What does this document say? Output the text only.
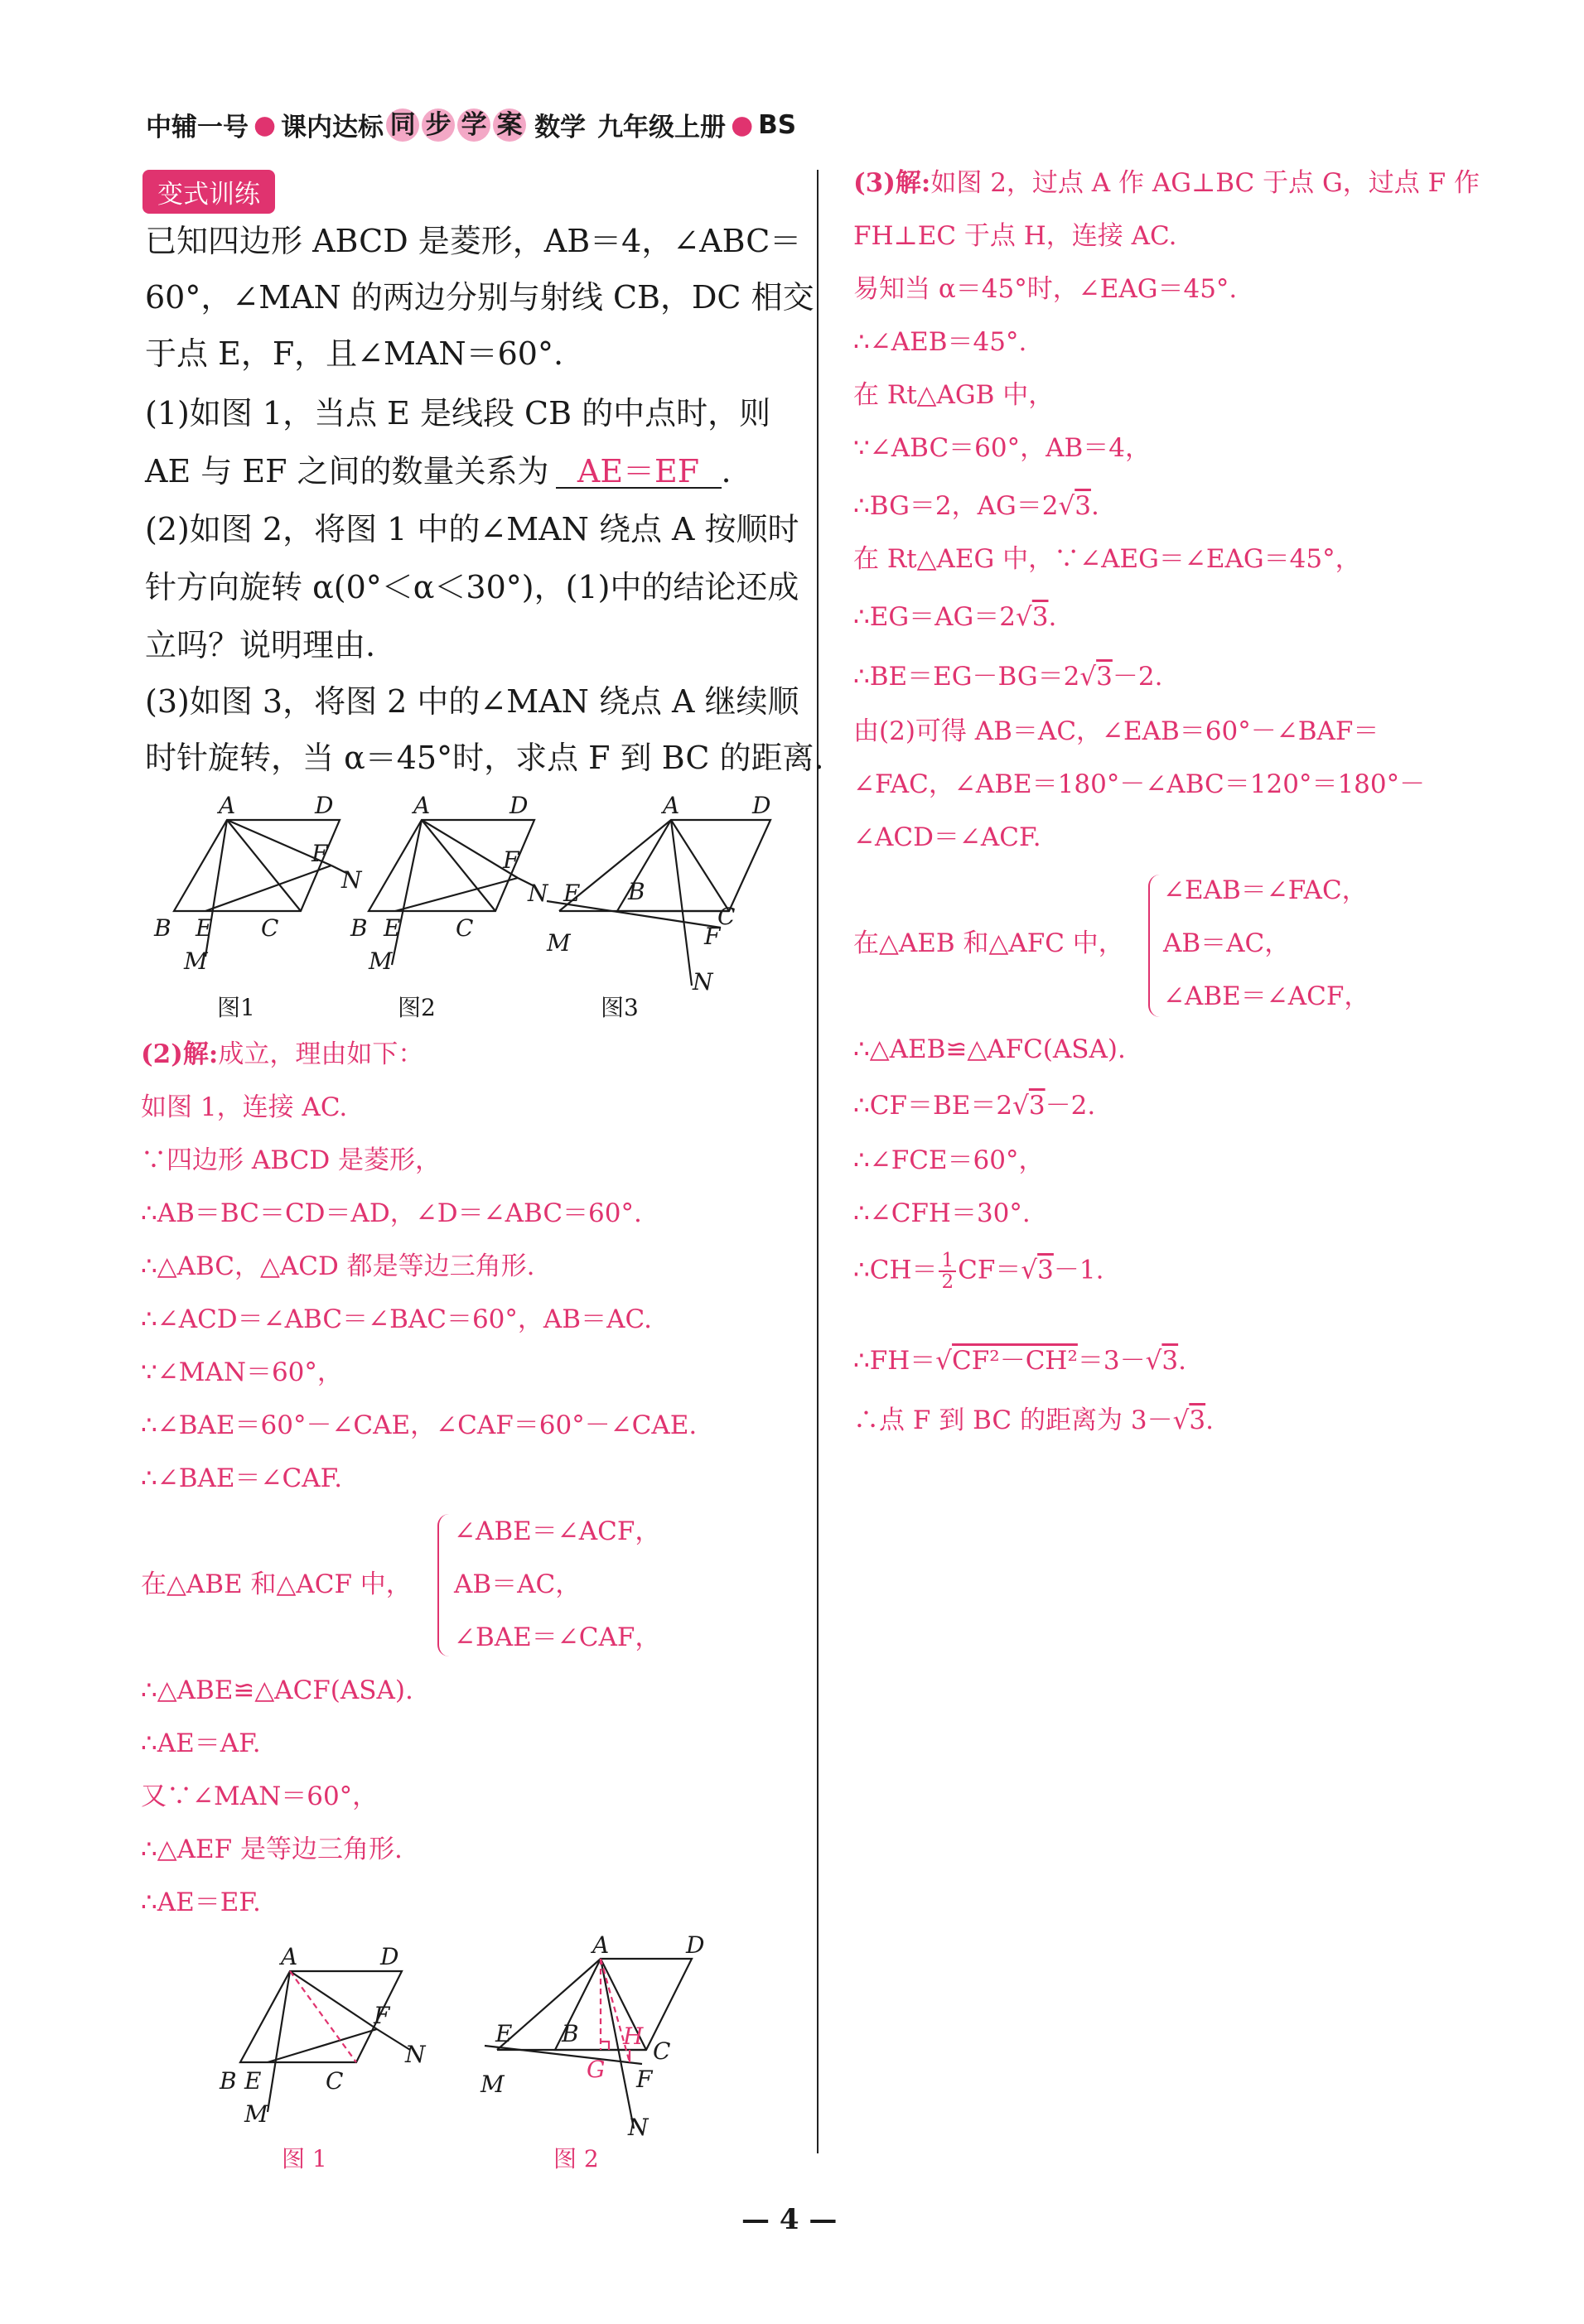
中辅一号 ● 课内达标 同 步 学 案 数学 九年级上册 ● BS
变式训练
已知四边形 ABCD 是菱形，AB＝4，∠ABC＝
60°，∠MAN 的两边分别与射线 CB，DC 相交
于点 E，F，且∠MAN＝60°.
(1)如图 1，当点 E 是线段 CB 的中点时，则
AE 与 EF 之间的数量关系为 AE＝EF .
(2)如图 2，将图 1 中的∠MAN 绕点 A 按顺时
针方向旋转 α(0°＜α＜30°)，(1)中的结论还成
立吗？说明理由.
(3)如图 3，将图 2 中的∠MAN 绕点 A 继续顺
时针旋转，当 α＝45°时，求点 F 到 BC 的距离.
A	D
F
N
B E C
M
图1
A	D
F
N
B E C
M
图2
A	D
E B
C
F
M
N
图3
(2)解:成立，理由如下：
如图 1，连接 AC.
∵四边形 ABCD 是菱形，
∴AB＝BC＝CD＝AD，∠D＝∠ABC＝60°.
∴△ABC，△ACD 都是等边三角形.
∴∠ACD＝∠ABC＝∠BAC＝60°，AB＝AC.
∵∠MAN＝60°，
∴∠BAE＝60°－∠CAE，∠CAF＝60°－∠CAE.
∴∠BAE＝∠CAF.
在△ABE 和△ACF 中，
∠ABE＝∠ACF，
AB＝AC，
∠BAE＝∠CAF，
∴△ABE≌△ACF(ASA).
∴AE＝AF.
又∵∠MAN＝60°，
∴△AEF 是等边三角形.
∴AE＝EF.
A	D
F
N
B E	C
M
图 1
A	D
E B H
C
G F
M
N
图 2
(3)解:如图 2，过点 A 作 AG⊥BC 于点 G，过点 F 作
FH⊥EC 于点 H，连接 AC.
易知当 α＝45°时，∠EAG＝45°.
∴∠AEB＝45°.
在 Rt△AGB 中，
∵∠ABC＝60°，AB＝4，
∴BG＝2，AG＝2√3.
在 Rt△AEG 中，∵∠AEG＝∠EAG＝45°，
∴EG＝AG＝2√3.
∴BE＝EG－BG＝2√3－2.
由(2)可得 AB＝AC，∠EAB＝60°－∠BAF＝
∠FAC，∠ABE＝180°－∠ABC＝120°＝180°－
∠ACD＝∠ACF.
在△AEB 和△AFC 中，
∠EAB＝∠FAC，
AB＝AC，
∠ABE＝∠ACF，
∴△AEB≌△AFC(ASA).
∴CF＝BE＝2√3－2.
∴∠FCE＝60°，
∴∠CFH＝30°.
∴CH＝ $\frac{1}{2} CF=√3-1$.
∴FH＝√CF²－CH²＝3－√3.
∴点 F 到 BC 的距离为 3－√3.
— 4 —
